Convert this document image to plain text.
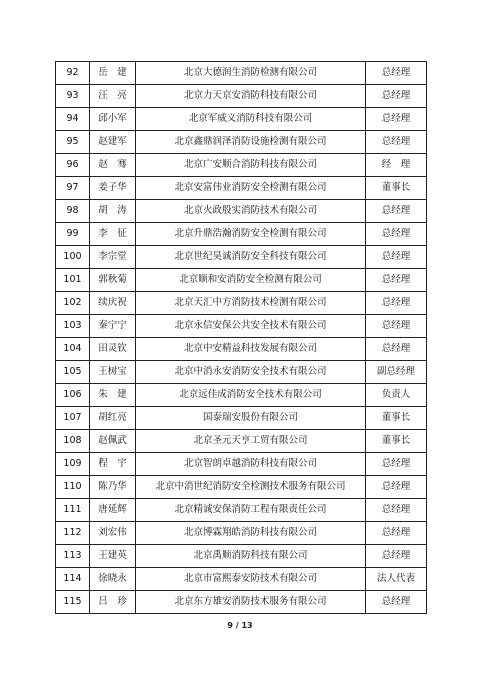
92	岳　建	北京大德润生消防检测有限公司	总经理
93	汪　亮	北京力天京安消防科技有限公司	总经理
94	邱小军	北京军威义消防科技有限公司	总经理
95	赵建军	北京鑫鼎润泽消防设施检测有限公司	总经理
96	赵　骞	北京广安顺合消防科技有限公司	经　理
97	姜子华	北京安富伟业消防安全检测有限公司	董事长
98	胡　涛	北京火政殷实消防技术有限公司	总经理
99	李　征	北京升鼎浩瀚消防安全检测有限公司	总经理
100	李宗堂	北京世纪昊诚消防安全科技有限公司	总经理
101	郭秋菊	北京顺和安消防安全检测有限公司	总经理
102	续庆祝	北京天汇中方消防技术检测有限公司	总经理
103	秦宁宁	北京永信安保公共安全技术有限公司	总经理
104	田灵钦	北京中安精益科技发展有限公司	总经理
105	王树宝	北京中消永安消防安全技术有限公司	副总经理
106	朱　建	北京远佳成消防安全技术有限公司	负责人
107	胡红亮	国泰瑞安股份有限公司	董事长
108	赵佩武	北京圣元天亨工贸有限公司	董事长
109	程　宇	北京智朗卓越消防科技有限公司	总经理
110	陈乃华	北京中消世纪消防安全检测技术服务有限公司	总经理
111	唐延辉	北京精诚安保消防工程有限责任公司	总经理
112	刘宏伟	北京博霖翔皓消防科技有限公司	总经理
113	王建英	北京禹顺消防科技有限公司	总经理
114	徐晓永	北京市富熙泰安防技术有限公司	法人代表
115	吕　珍	北京东方雄安消防技术服务有限公司	总经理
9 / 13
